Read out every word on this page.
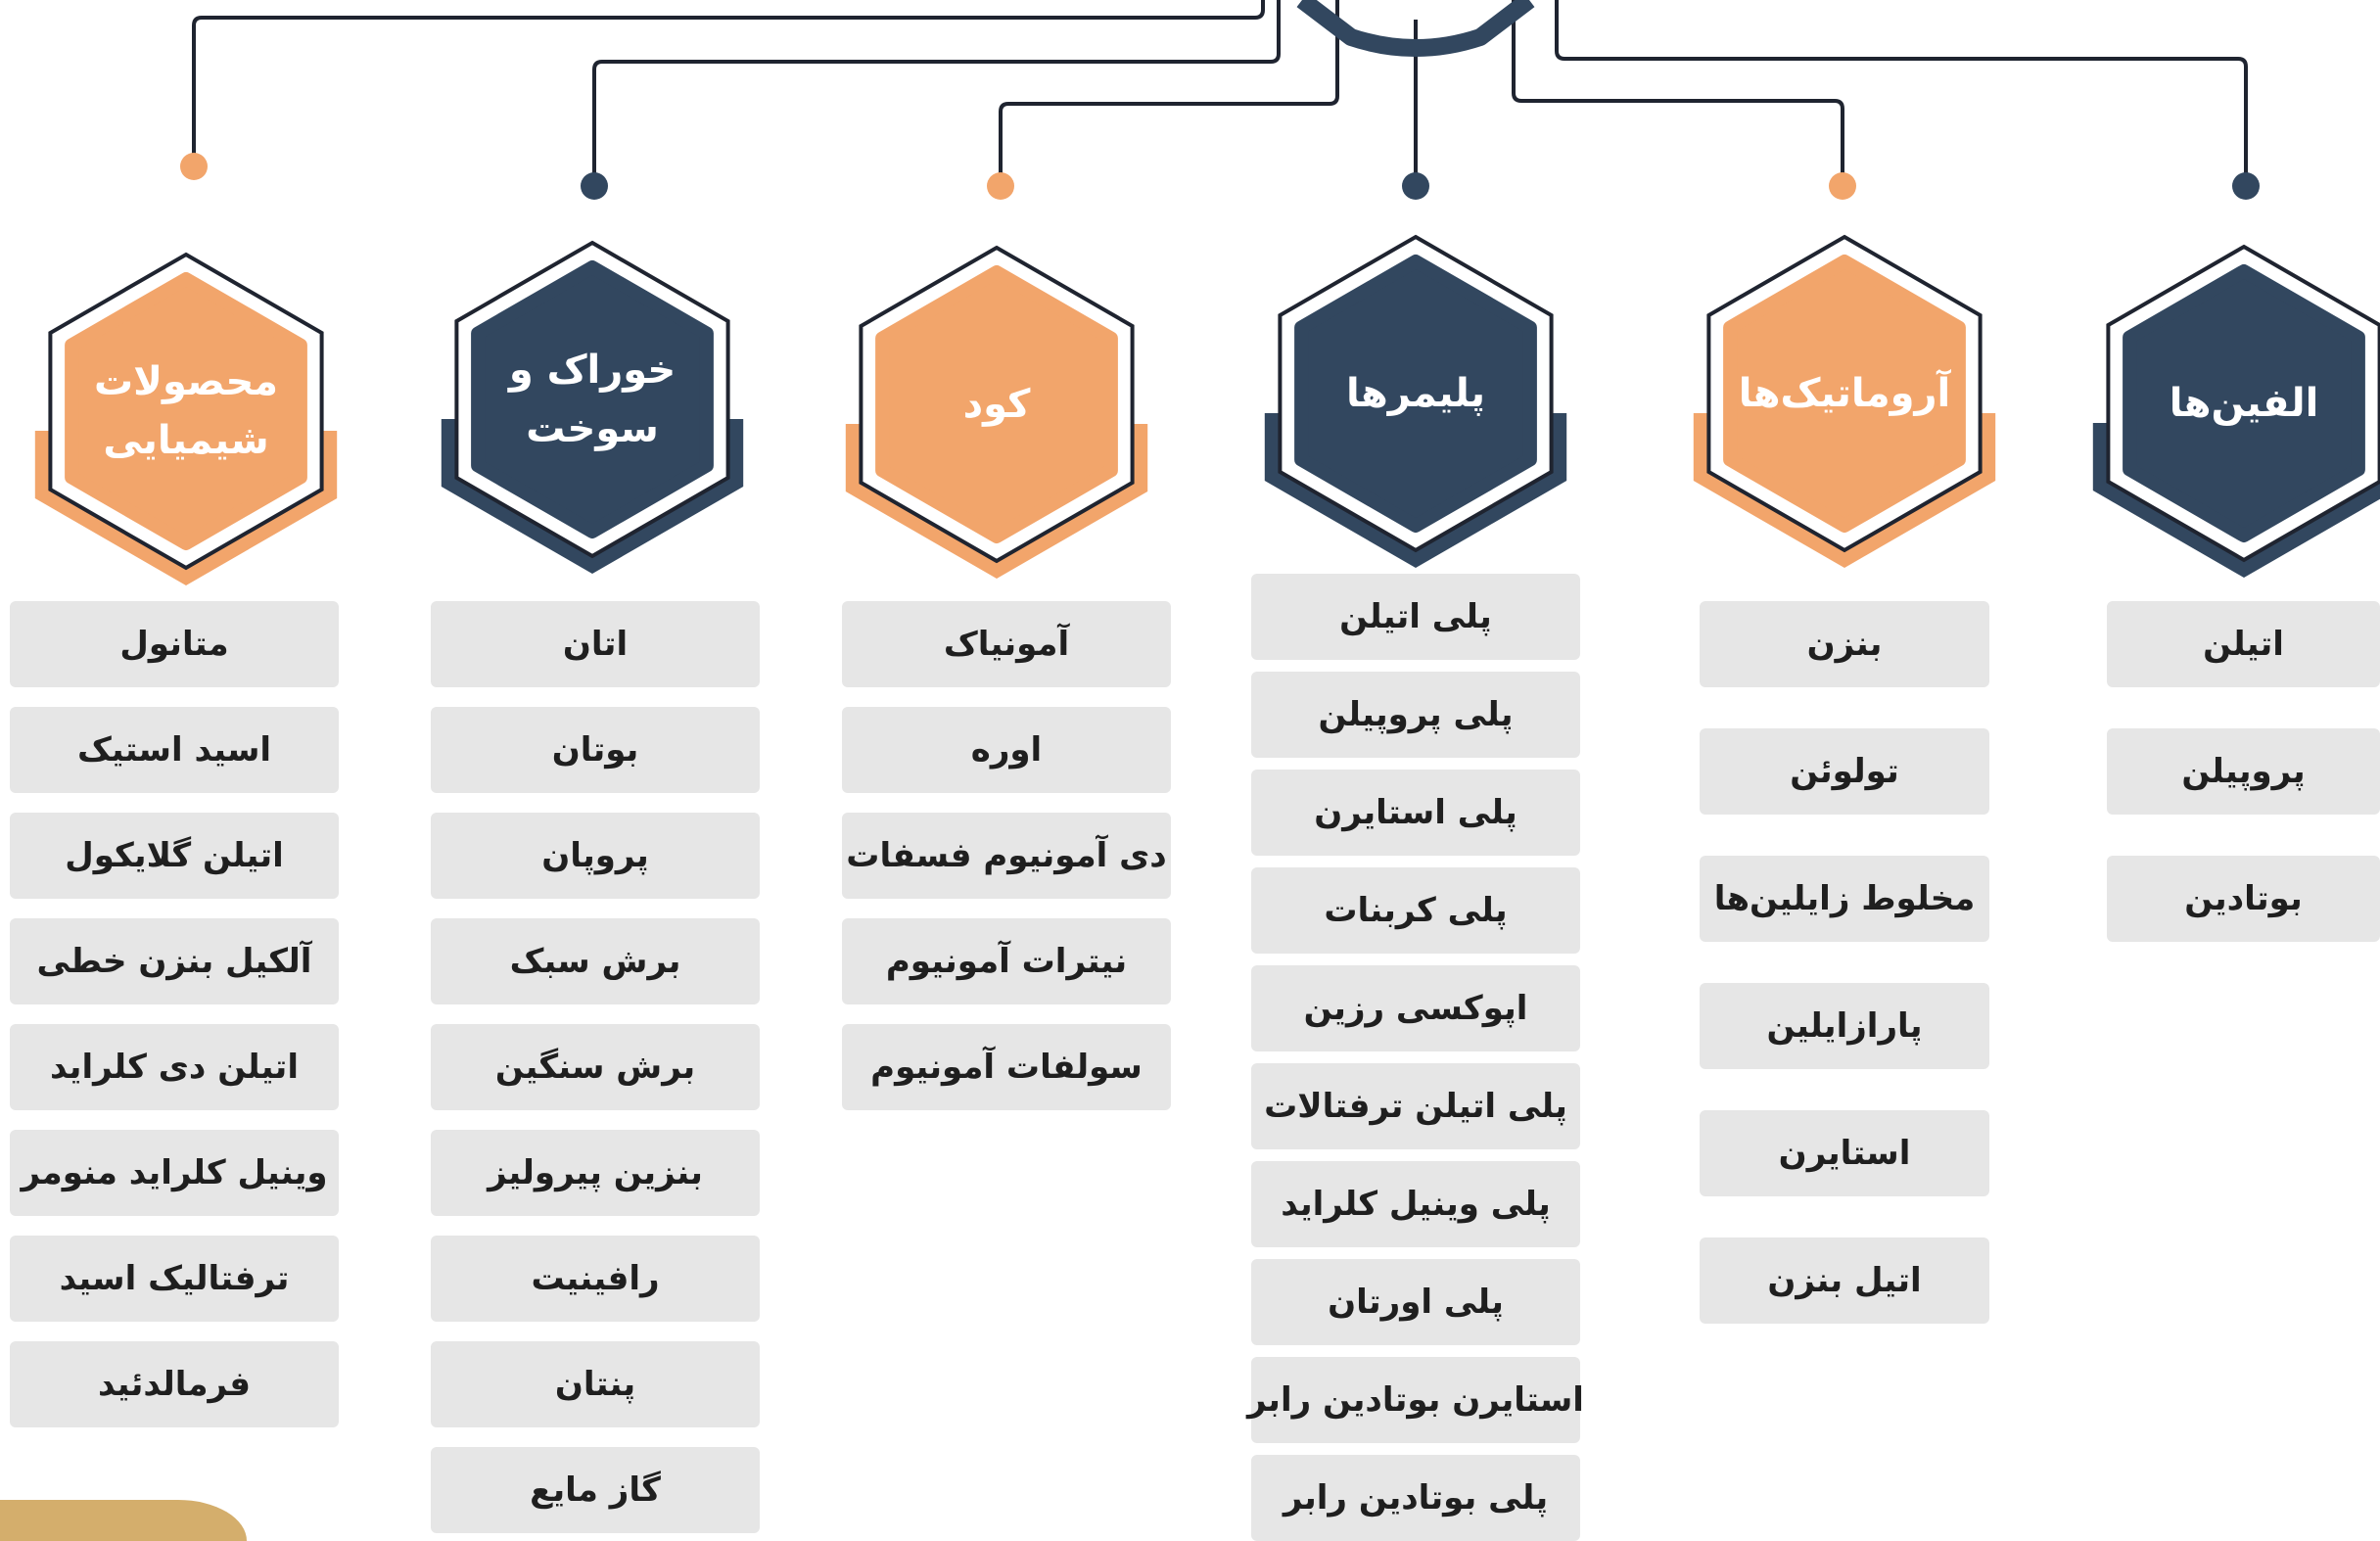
محصولات
شیمیایی
خوراک و
سوخت
کود	پلیمرها	آروماتیک‌ها	الفین‌ها
متانول
اسید استیک
اتیلن گلایکول
آلکیل بنزن خطی
اتیلن دی کلراید
وینیل کلراید منومر
ترفتالیک اسید
فرمالدئید
اتان
بوتان
پروپان
برش سبک
برش سنگین
بنزین پیرولیز
رافینیت
پنتان
گاز مایع
آمونیاک
اوره
دی آمونیوم فسفات
نیترات آمونیوم
سولفات آمونیوم
پلی اتیلن
پلی پروپیلن
پلی استایرن
پلی کربنات
اپوکسی رزین
پلی اتیلن ترفتالات
پلی وینیل کلراید
پلی اورتان
استایرن بوتادین رابر
پلی بوتادین رابر
بنزن
تولوئن
مخلوط زایلین‌ها
پارازایلین
استایرن
اتیل بنزن
اتیلن
پروپیلن
بوتادین
